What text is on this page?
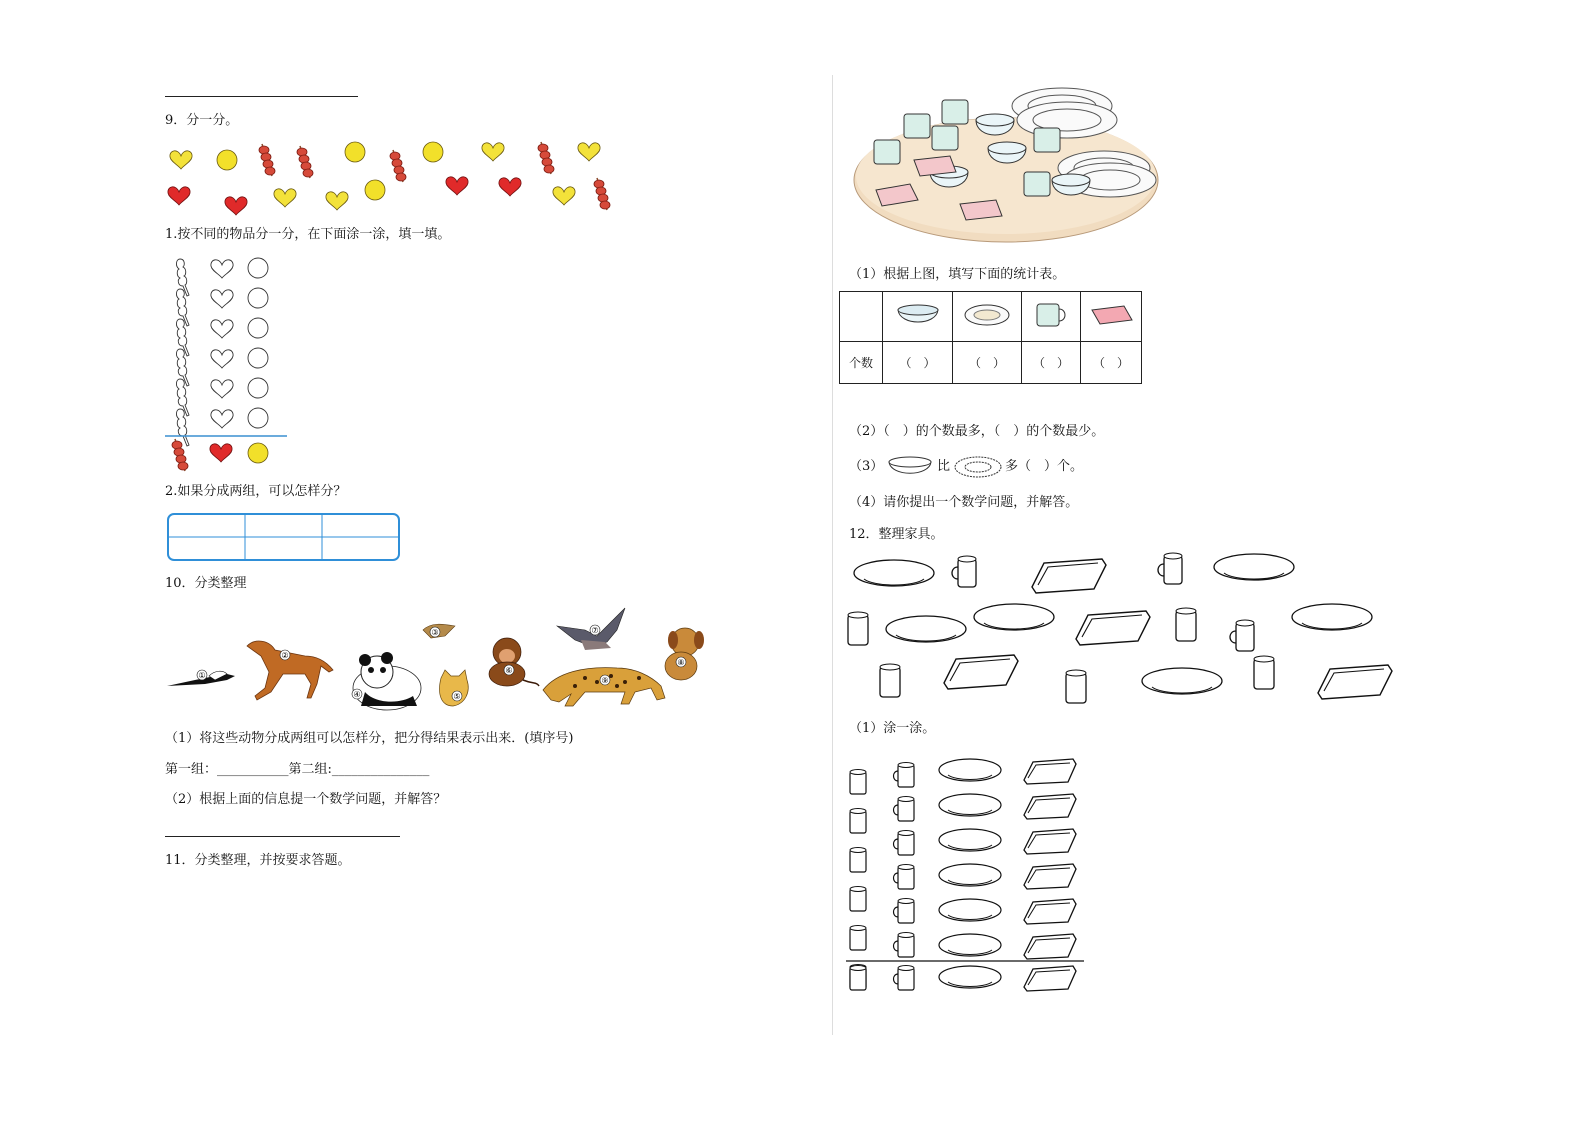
9．分一分。
1.按不同的物品分一分，在下面涂一涂，填一填。
2.如果分成两组，可以怎样分？
10．分类整理
①
②
④
③
⑤
⑥
⑦
⑨
⑧
（1）将这些动物分成两组可以怎样分，把分得结果表示出来．(填序号)
第一组：___________第二组:_______________
（2）根据上面的信息提一个数学问题，并解答？
11．分类整理，并按要求答题。
（1）根据上图，填写下面的统计表。

个数	（　）	（　）	（　）	（　）
（2）（　）的个数最多，（　）的个数最少。
（3）	比	多（　）个。
（4）请你提出一个数学问题，并解答。
12．整理家具。
（1）涂一涂。
